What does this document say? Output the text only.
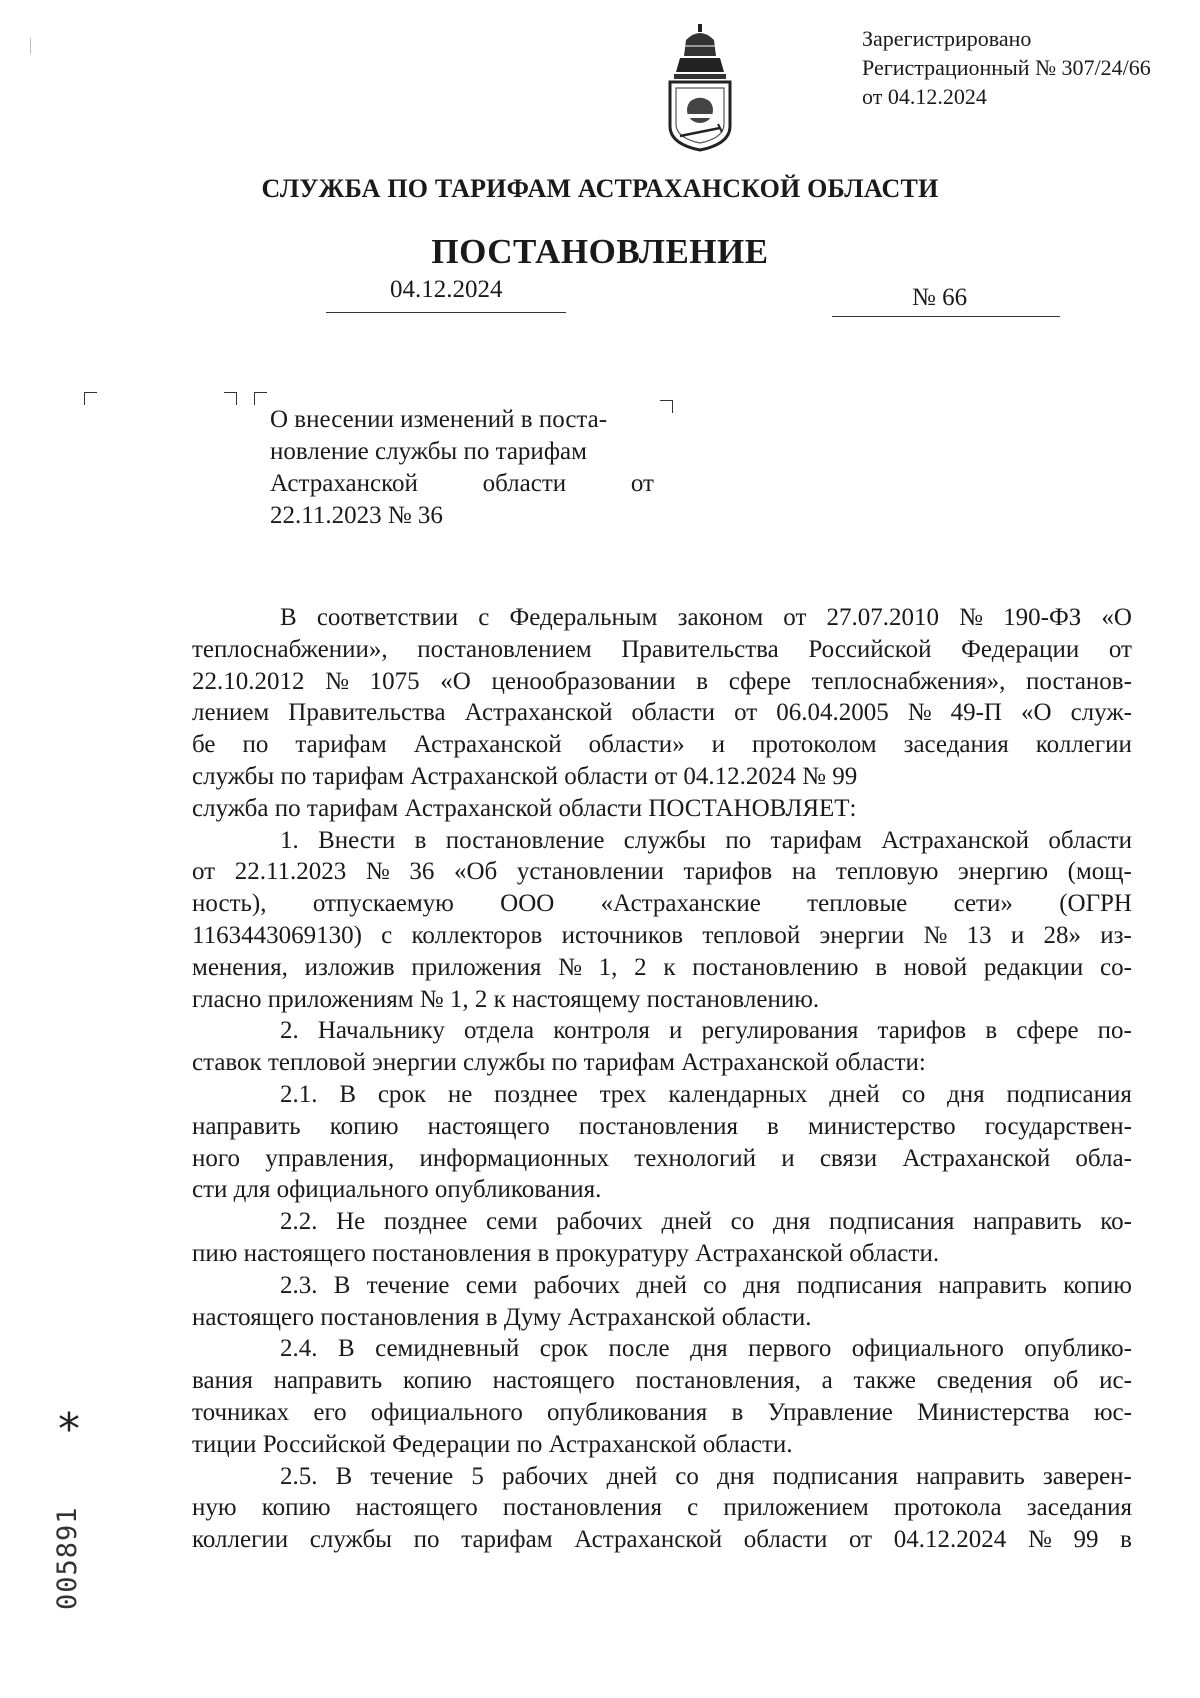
Зарегистрировано
Регистрационный № 307/24/66
от 04.12.2024
СЛУЖБА ПО ТАРИФАМ АСТРАХАНСКОЙ ОБЛАСТИ
ПОСТАНОВЛЕНИЕ
04.12.2024	№ 66
О внесении изменений в поста-
новление службы по тарифам
Астраханской	области	от
22.11.2023 № 36
В соответствии с Федеральным законом от 27.07.2010 № 190-ФЗ «О
теплоснабжении», постановлением Правительства Российской Федерации от
22.10.2012 № 1075 «О ценообразовании в сфере теплоснабжения», постанов-
лением Правительства Астраханской области от 06.04.2005 № 49-П «О служ-
бе по тарифам Астраханской области» и протоколом заседания коллегии
службы по тарифам Астраханской области от 04.12.2024 № 99
служба по тарифам Астраханской области ПОСТАНОВЛЯЕТ:
1. Внести в постановление службы по тарифам Астраханской области
от 22.11.2023 № 36 «Об установлении тарифов на тепловую энергию (мощ-
ность), отпускаемую ООО «Астраханские тепловые сети» (ОГРН
1163443069130) с коллекторов источников тепловой энергии № 13 и 28» из-
менения, изложив приложения № 1, 2 к постановлению в новой редакции со-
гласно приложениям № 1, 2 к настоящему постановлению.
2. Начальнику отдела контроля и регулирования тарифов в сфере по-
ставок тепловой энергии службы по тарифам Астраханской области:
2.1. В срок не позднее трех календарных дней со дня подписания
направить копию настоящего постановления в министерство государствен-
ного управления, информационных технологий и связи Астраханской обла-
сти для официального опубликования.
2.2. Не позднее семи рабочих дней со дня подписания направить ко-
пию настоящего постановления в прокуратуру Астраханской области.
2.3. В течение семи рабочих дней со дня подписания направить копию
настоящего постановления в Думу Астраханской области.
2.4. В семидневный срок после дня первого официального опублико-
вания направить копию настоящего постановления, а также сведения об ис-
точниках его официального опубликования в Управление Министерства юс-
тиции Российской Федерации по Астраханской области.
2.5. В течение 5 рабочих дней со дня подписания направить заверен-
ную копию настоящего постановления с приложением протокола заседания
коллегии службы по тарифам Астраханской области от 04.12.2024 № 99 в
*
005891
